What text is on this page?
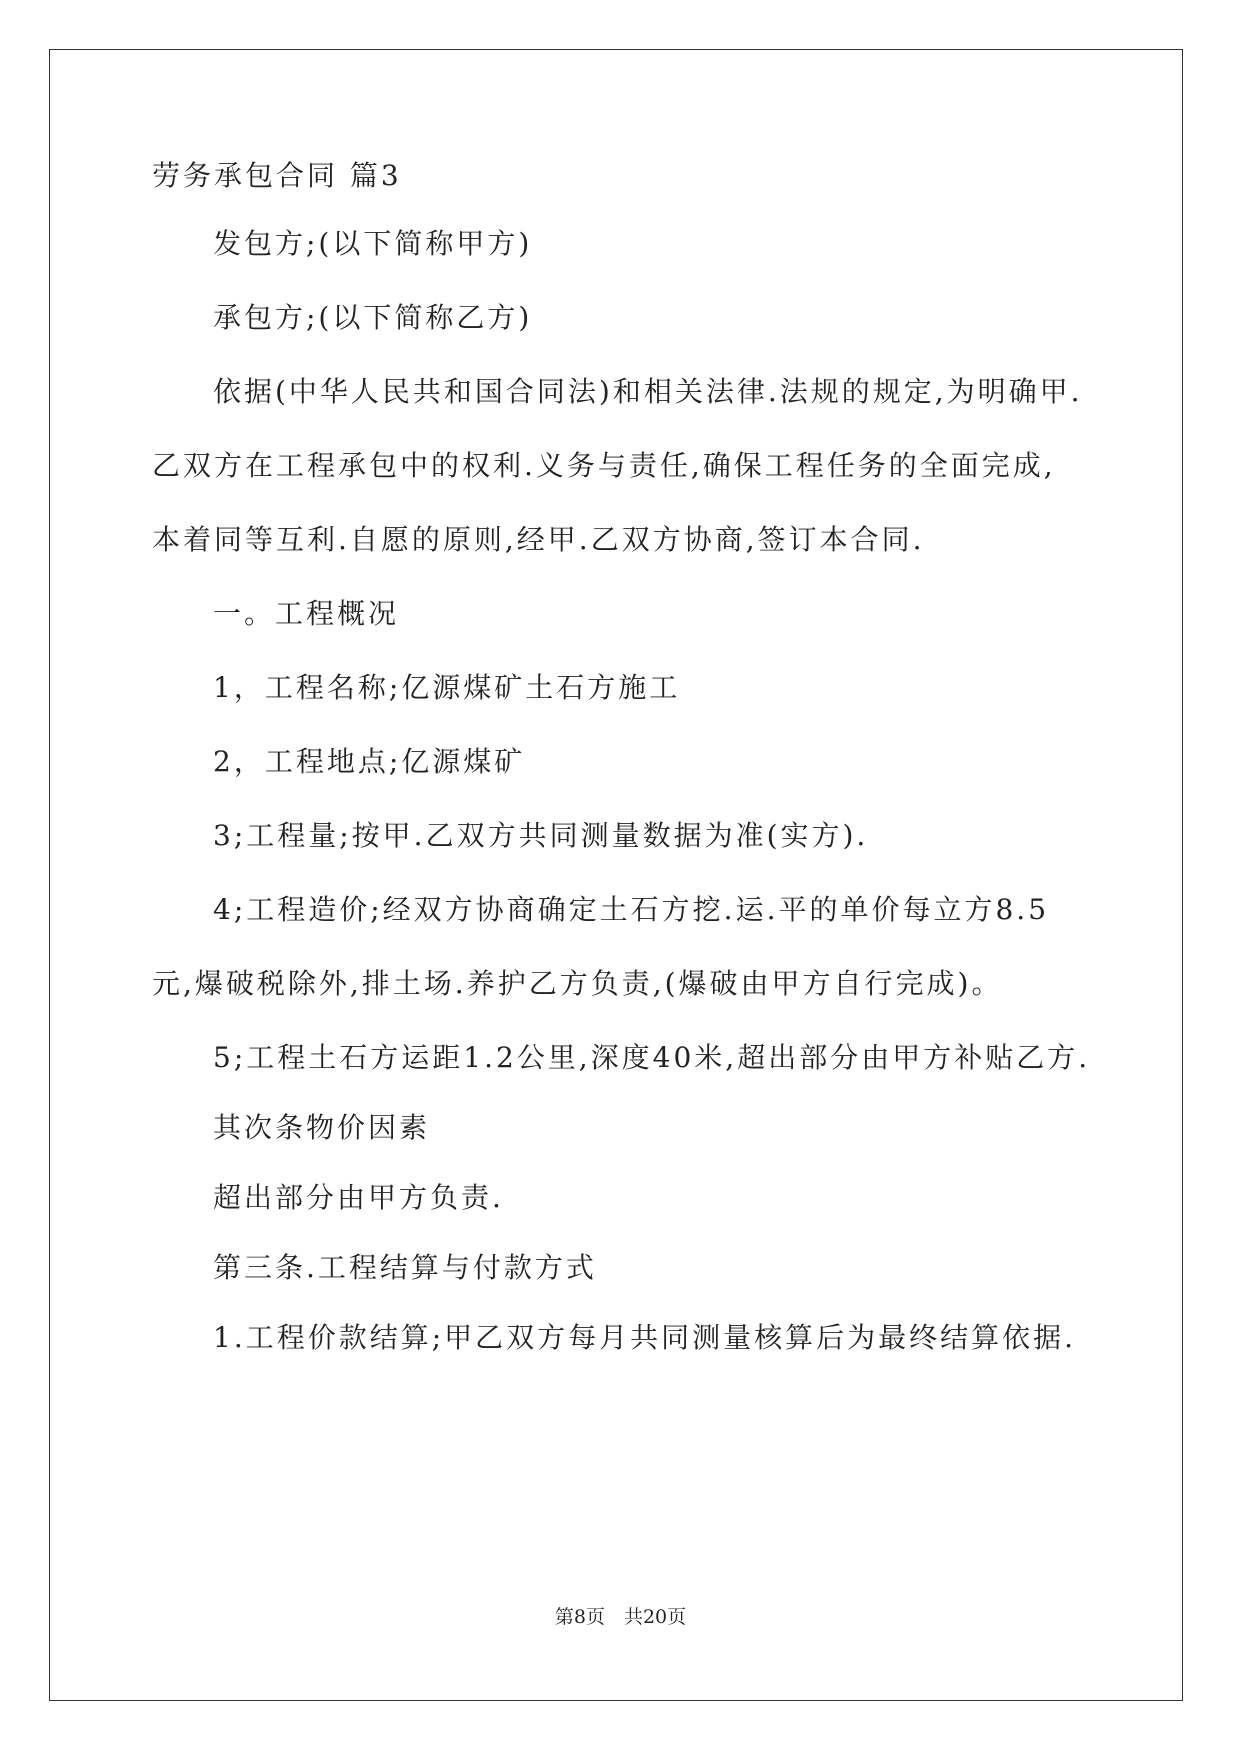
劳务承包合同 篇3
发包方;(以下简称甲方)
承包方;(以下简称乙方)
依据(中华人民共和国合同法)和相关法律.法规的规定,为明确甲.
乙双方在工程承包中的权利.义务与责任,确保工程任务的全面完成,
本着同等互利.自愿的原则,经甲.乙双方协商,签订本合同.
一。工程概况
1，工程名称;亿源煤矿土石方施工
2，工程地点;亿源煤矿
3;工程量;按甲.乙双方共同测量数据为准(实方).
4;工程造价;经双方协商确定土石方挖.运.平的单价每立方8.5
元,爆破税除外,排土场.养护乙方负责,(爆破由甲方自行完成)。
5;工程土石方运距1.2公里,深度40米,超出部分由甲方补贴乙方.
其次条物价因素
超出部分由甲方负责.
第三条.工程结算与付款方式
1.工程价款结算;甲乙双方每月共同测量核算后为最终结算依据.
第8页　共20页
